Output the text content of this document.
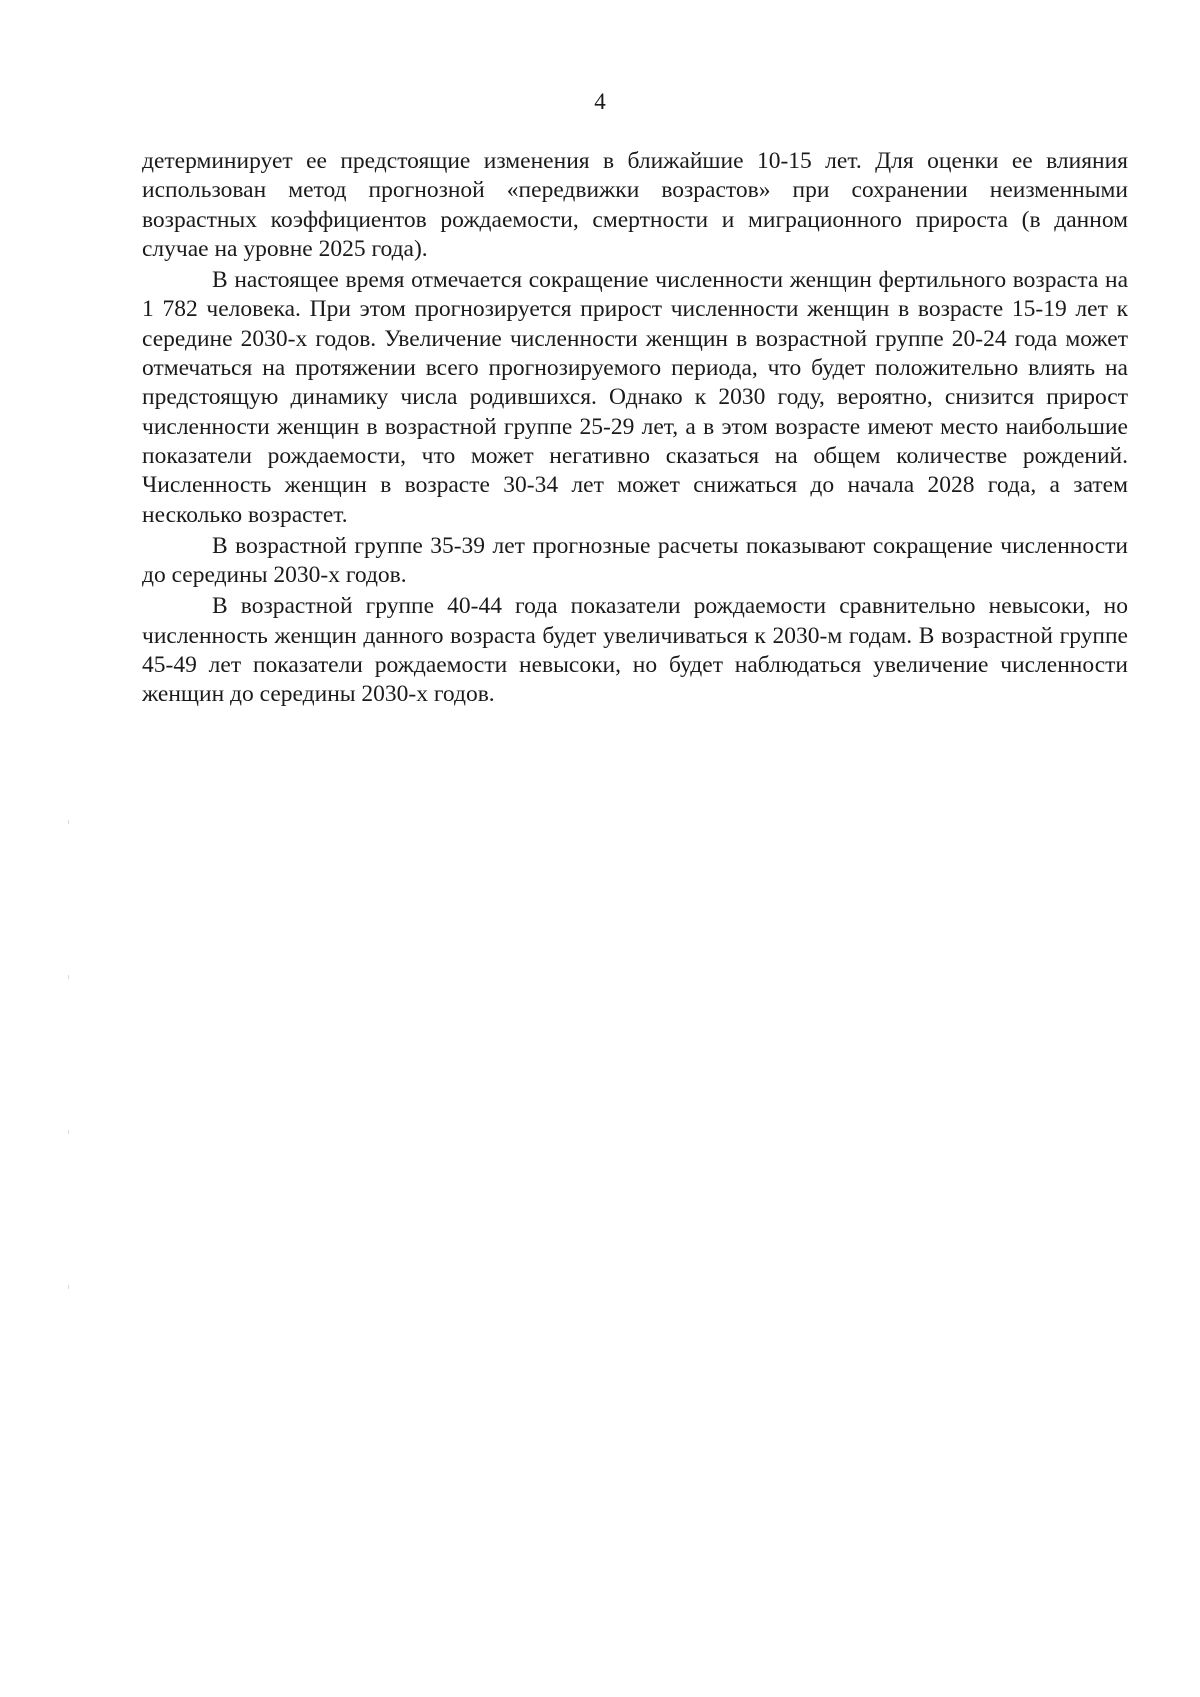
4

детерминирует ее предстоящие изменения в ближайшие 10-15 лет. Для оценки ее влияния использован метод прогнозной «передвижки возрастов» при сохранении неизменными возрастных коэффициентов рождаемости, смертности и миграционного прироста (в данном случае на уровне 2025 года).

В настоящее время отмечается сокращение численности женщин фертильного возраста на 1 782 человека. При этом прогнозируется прирост численности женщин в возрасте 15-19 лет к середине 2030-х годов. Увеличение численности женщин в возрастной группе 20-24 года может отмечаться на протяжении всего прогнозируемого периода, что будет положительно влиять на предстоящую динамику числа родившихся. Однако к 2030 году, вероятно, снизится прирост численности женщин в возрастной группе 25-29 лет, а в этом возрасте имеют место наибольшие показатели рождаемости, что может негативно сказаться на общем количестве рождений. Численность женщин в возрасте 30-34 лет может снижаться до начала 2028 года, а затем несколько возрастет.

В возрастной группе 35-39 лет прогнозные расчеты показывают сокращение численности до середины 2030-х годов.

В возрастной группе 40-44 года показатели рождаемости сравнительно невысоки, но численность женщин данного возраста будет увеличиваться к 2030-м годам. В возрастной группе 45-49 лет показатели рождаемости невысоки, но будет наблюдаться увеличение численности женщин до середины 2030-х годов.
